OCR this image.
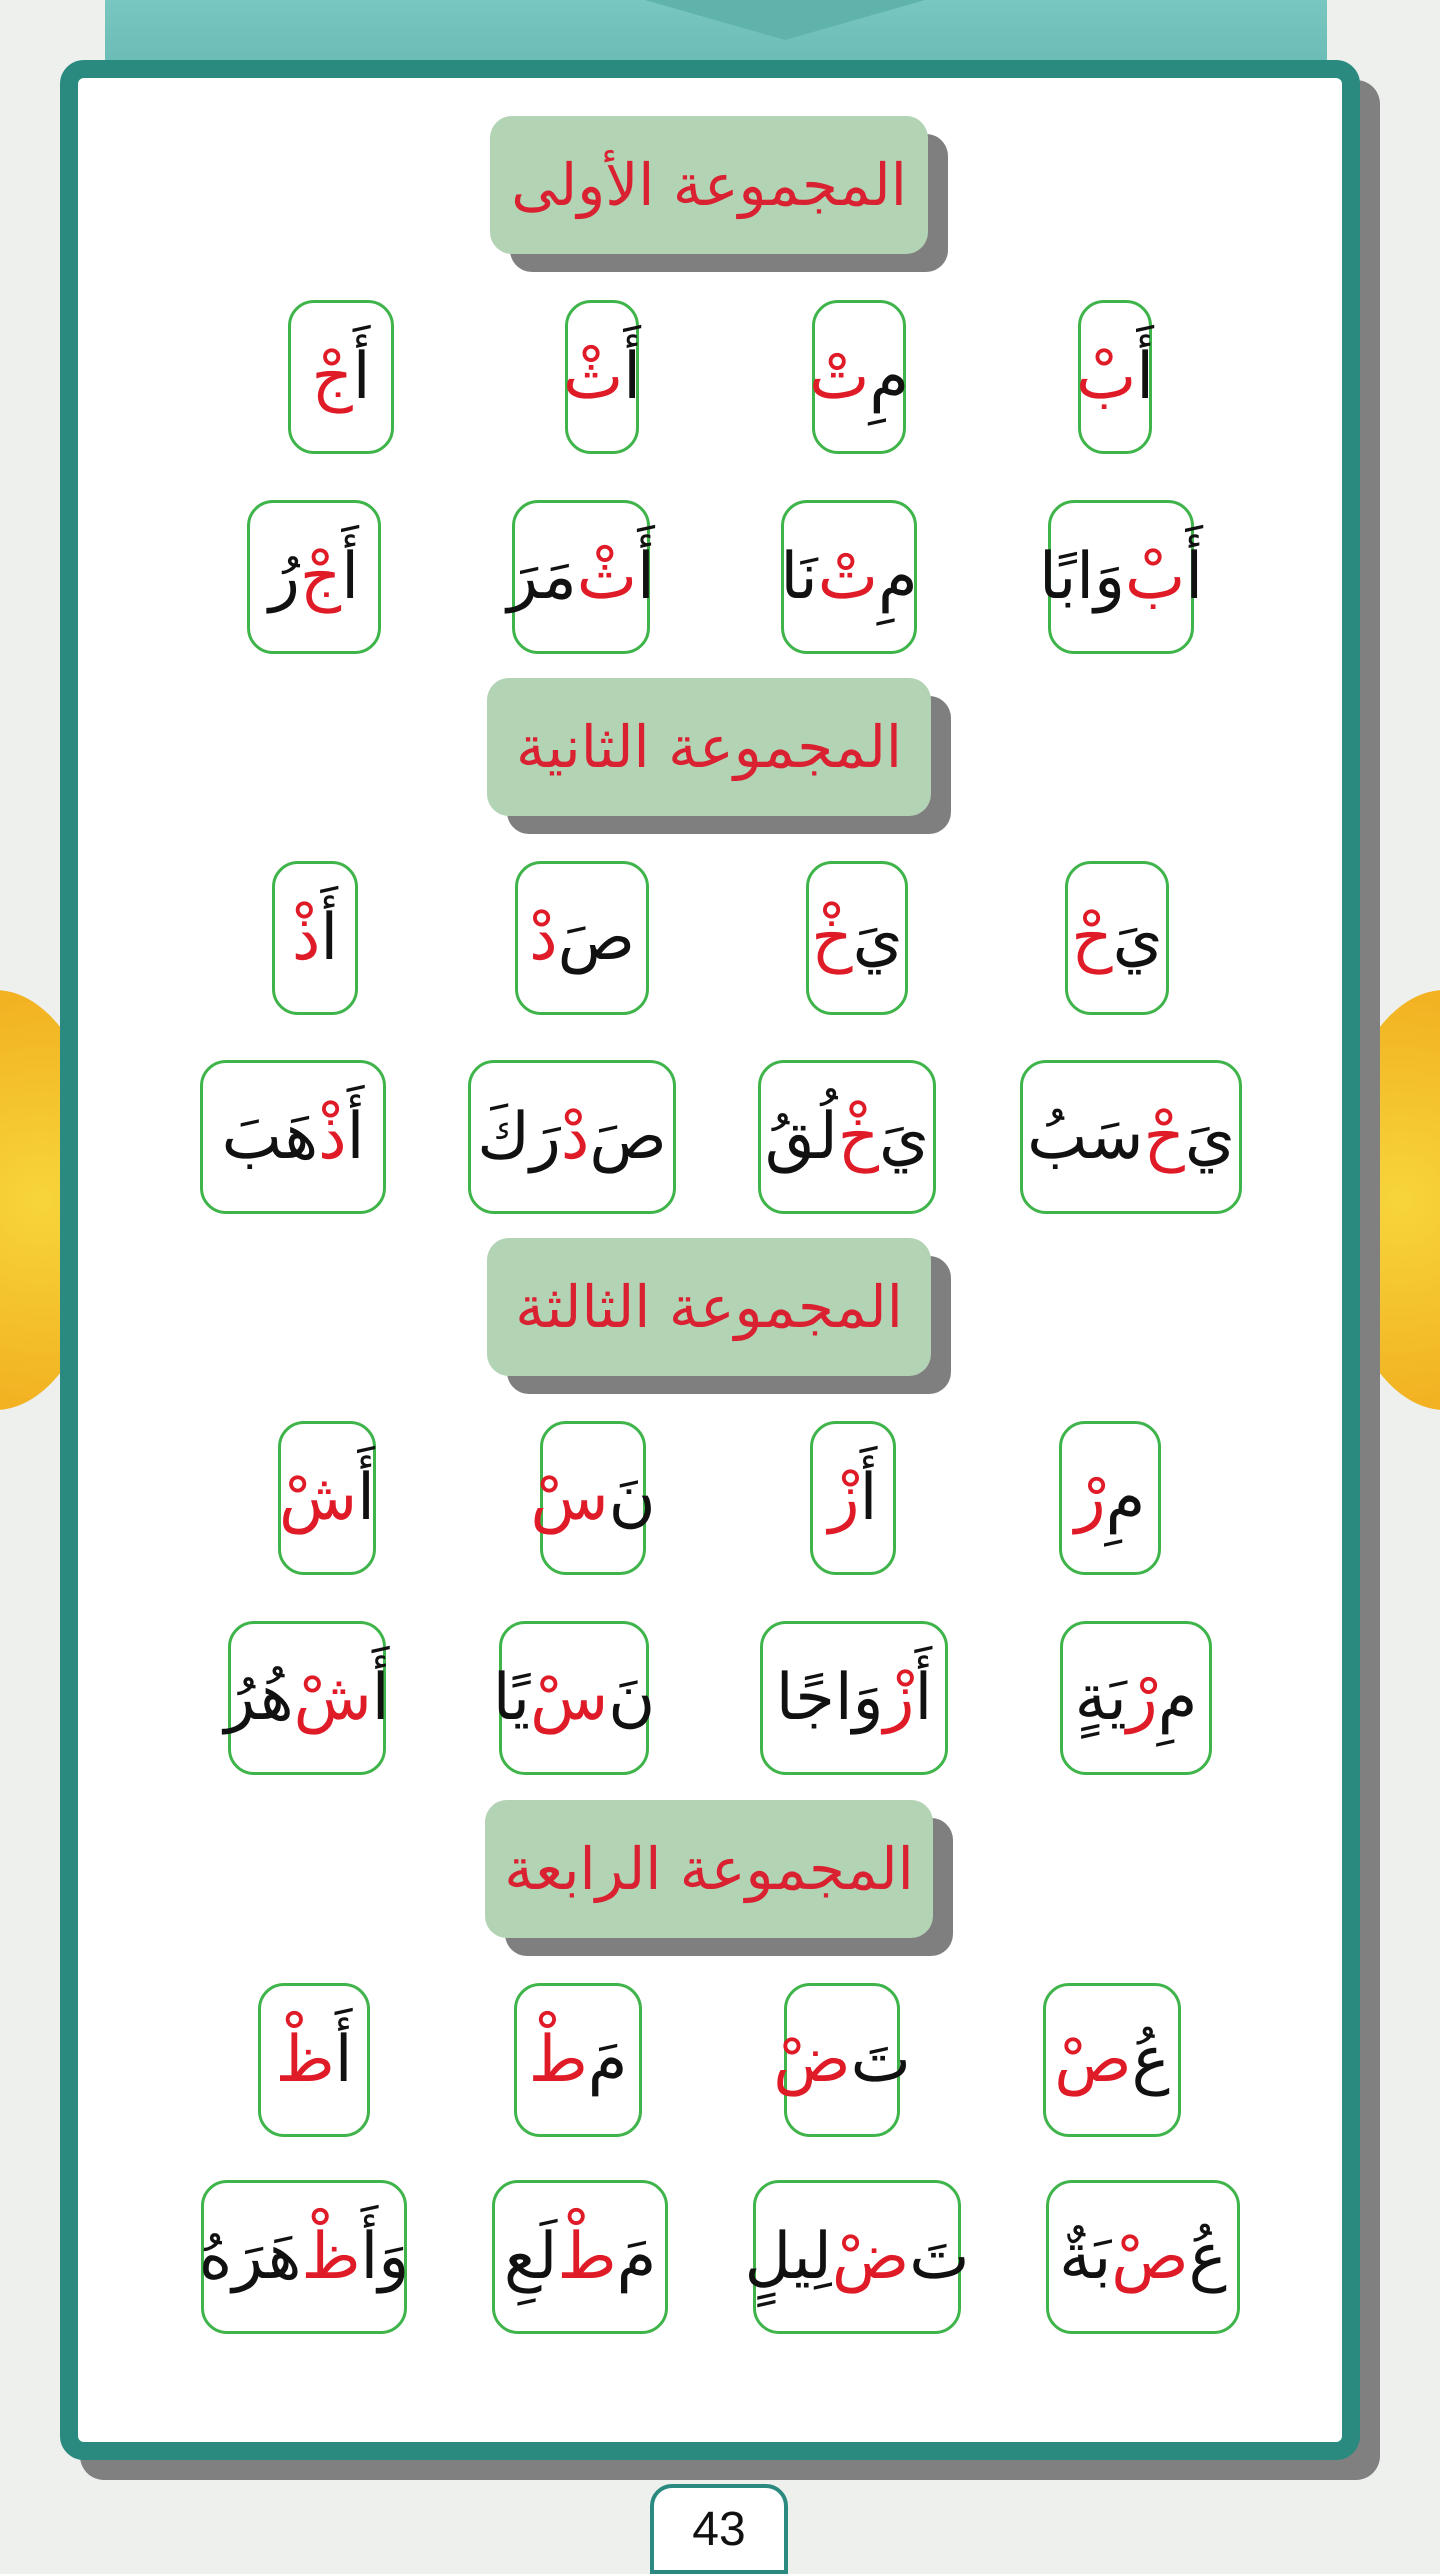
المجموعة الأولى
أَ
بْ
مِ
تْ
أَ
ثْ
أَ
جْ
أَ
بْ
وَابًا
مِ
تْ
نَا
أَ
ثْ
مَرَ
أَ
جْ
رُ
المجموعة الثانية
يَ
حْ
يَ
خْ
صَ
دْ
أَ
ذْ
يَ
حْ
سَبُ
يَ
خْ
لُقُ
صَ
دْ
رَكَ
أَ
ذْ
هَبَ
المجموعة الثالثة
مِ
رْ
أَ
زْ
نَ
سْ
أَ
شْ
مِ
رْ
يَةٍ
أَ
زْ
وَاجًا
نَ
سْ
يًا
أَ
شْ
هُرُ
المجموعة الرابعة
عُ
صْ
تَ
ضْ
مَ
طْ
أَ
ظْ
عُ
صْ
بَةٌ
تَ
ضْ
لِيلٍ
مَ
طْ
لَعِ
وَأَ
ظْ
هَرَهُ
43
